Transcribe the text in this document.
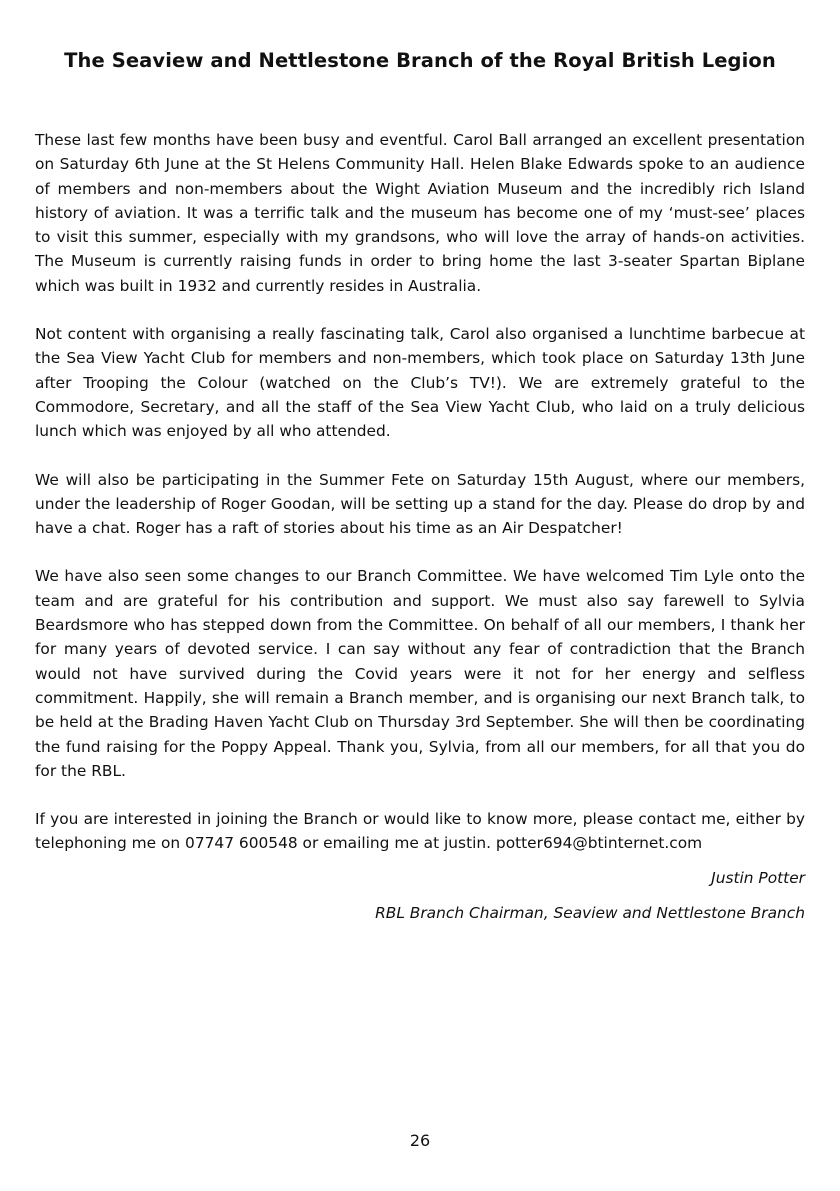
The Seaview and Nettlestone Branch of the Royal British Legion

These last few months have been busy and eventful. Carol Ball arranged an excellent presentation on Saturday 6th June at the St Helens Community Hall. Helen Blake Edwards spoke to an audience of members and non-members about the Wight Aviation Museum and the incredibly rich Island history of aviation. It was a terrific talk and the museum has become one of my ‘must-see’ places to visit this summer, especially with my grandsons, who will love the array of hands-on activities. The Museum is currently raising funds in order to bring home the last 3-seater Spartan Biplane which was built in 1932 and currently resides in Australia.

Not content with organising a really fascinating talk, Carol also organised a lunchtime barbecue at the Sea View Yacht Club for members and non-members, which took place on Saturday 13th June after Trooping the Colour (watched on the Club’s TV!). We are extremely grateful to the Commodore, Secretary, and all the staff of the Sea View Yacht Club, who laid on a truly delicious lunch which was enjoyed by all who attended.

We will also be participating in the Summer Fete on Saturday 15th August, where our members, under the leadership of Roger Goodan, will be setting up a stand for the day. Please do drop by and have a chat. Roger has a raft of stories about his time as an Air Despatcher!

We have also seen some changes to our Branch Committee. We have welcomed Tim Lyle onto the team and are grateful for his contribution and support. We must also say farewell to Sylvia Beardsmore who has stepped down from the Committee. On behalf of all our members, I thank her for many years of devoted service. I can say without any fear of contradiction that the Branch would not have survived during the Covid years were it not for her energy and selfless commitment. Happily, she will remain a Branch member, and is organising our next Branch talk, to be held at the Brading Haven Yacht Club on Thursday 3rd September. She will then be coordinating the fund raising for the Poppy Appeal. Thank you, Sylvia, from all our members, for all that you do for the RBL.

If you are interested in joining the Branch or would like to know more, please contact me, either by telephoning me on 07747 600548 or emailing me at justin. potter694@btinternet.com

Justin Potter

RBL Branch Chairman, Seaview and Nettlestone Branch

26
